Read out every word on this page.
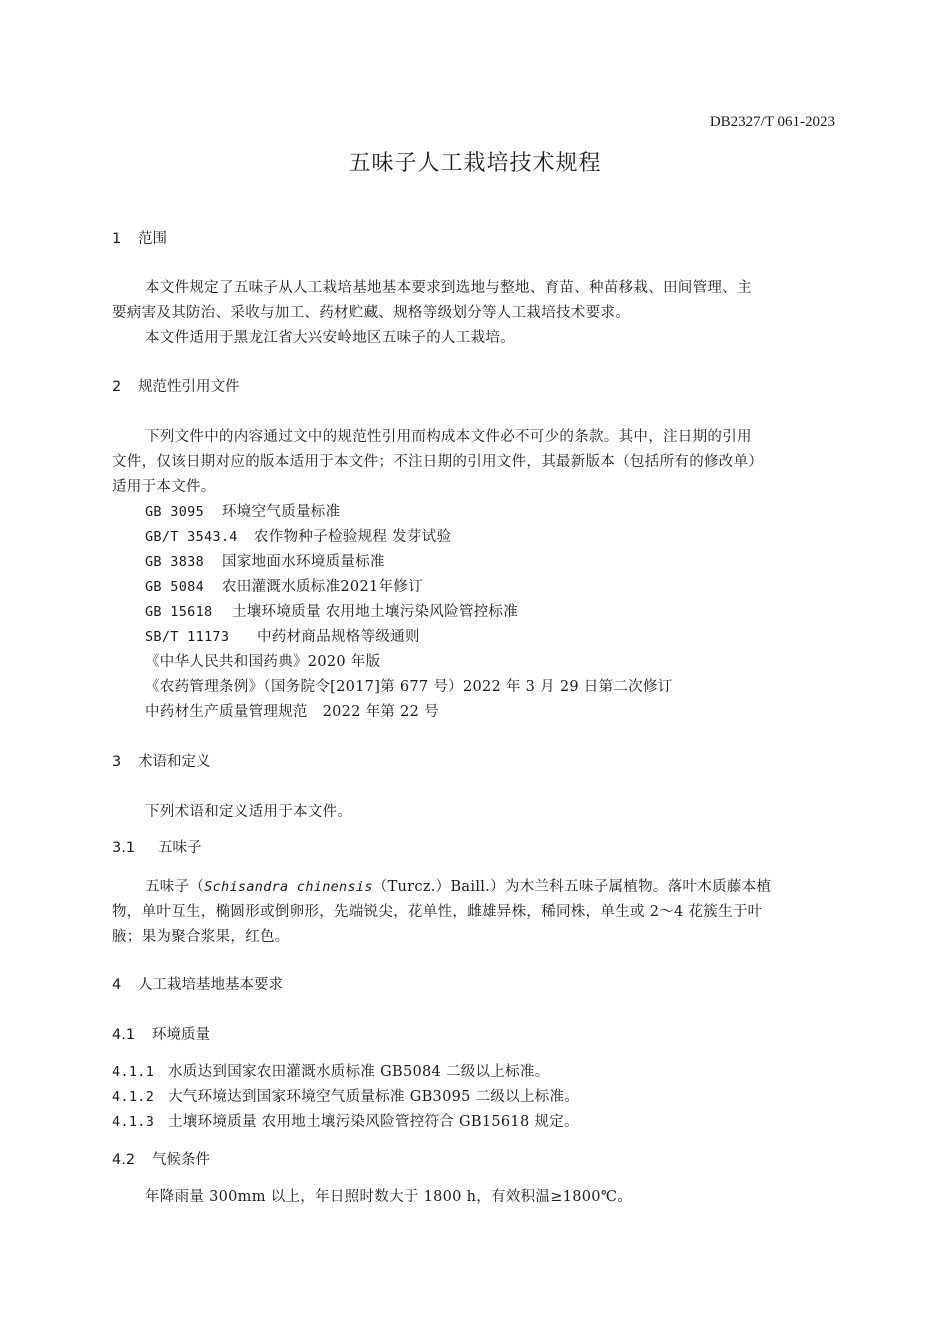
DB2327/T 061-2023
五味子人工栽培技术规程
1 范围
本文件规定了五味子从人工栽培基地基本要求到选地与整地、育苗、种苗移栽、田间管理、主
要病害及其防治、采收与加工、药材贮藏、规格等级划分等人工栽培技术要求。
本文件适用于黑龙江省大兴安岭地区五味子的人工栽培。
2 规范性引用文件
下列文件中的内容通过文中的规范性引用而构成本文件必不可少的条款。其中，注日期的引用
文件，仅该日期对应的版本适用于本文件；不注日期的引用文件，其最新版本（包括所有的修改单）
适用于本文件。
GB 3095 环境空气质量标准
GB/T 3543.4 农作物种子检验规程 发芽试验
GB 3838 国家地面水环境质量标准
GB 5084 农田灌溉水质标准2021年修订
GB 15618 土壤环境质量 农用地土壤污染风险管控标准
SB/T 11173 中药材商品规格等级通则
《中华人民共和国药典》2020 年版
《农药管理条例》（国务院令[2017]第 677 号）2022 年 3 月 29 日第二次修订
中药材生产质量管理规范　2022 年第 22 号
3 术语和定义
下列术语和定义适用于本文件。
3.1 五味子
五味子（Schisandra chinensis（Turcz.）Baill.）为木兰科五味子属植物。落叶木质藤本植
物，单叶互生，椭圆形或倒卵形，先端锐尖，花单性，雌雄异株，稀同株，单生或 2～4 花簇生于叶
腋；果为聚合浆果，红色。
4 人工栽培基地基本要求
4.1 环境质量
4.1.1 水质达到国家农田灌溉水质标准 GB5084 二级以上标准。
4.1.2 大气环境达到国家环境空气质量标准 GB3095 二级以上标准。
4.1.3 土壤环境质量 农用地土壤污染风险管控符合 GB15618 规定。
4.2 气候条件
年降雨量 300mm 以上，年日照时数大于 1800 h，有效积温≥1800℃。
